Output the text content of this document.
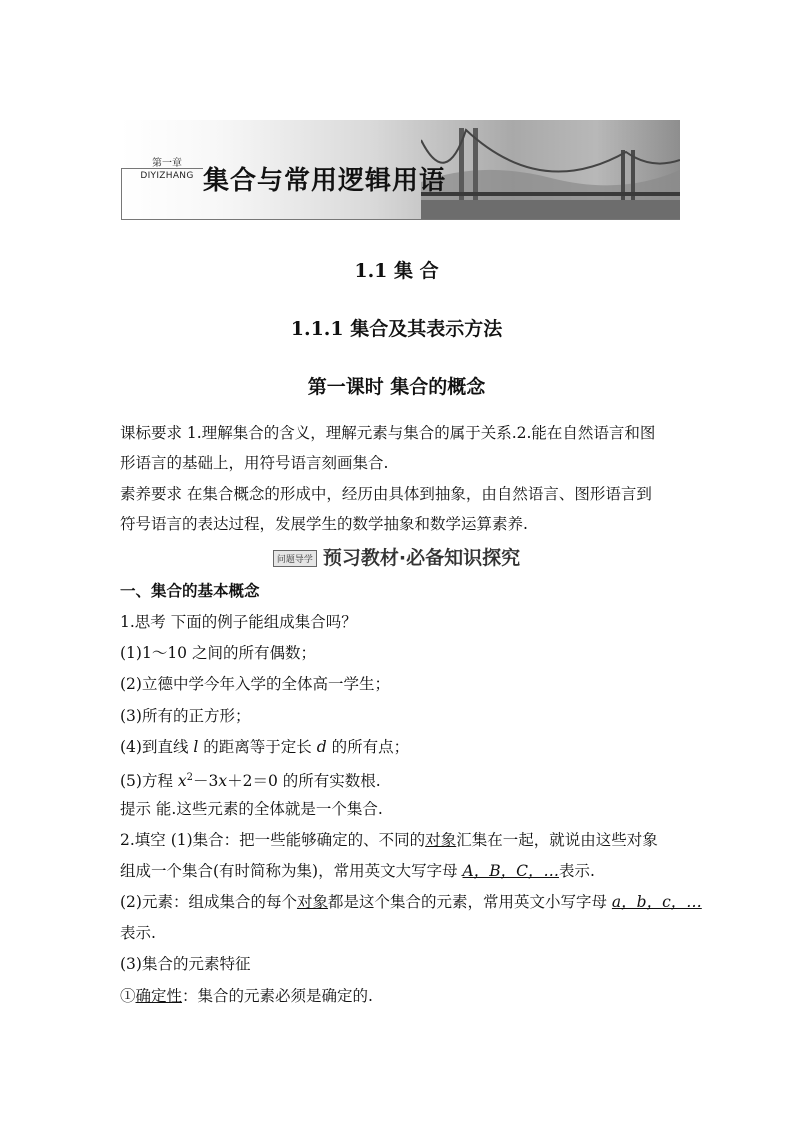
第一章
DIYIZHANG 集合与常用逻辑用语
1.1 集 合
1.1.1 集合及其表示方法
第一课时 集合的概念
课标要求 1.理解集合的含义，理解元素与集合的属于关系.2.能在自然语言和图
形语言的基础上，用符号语言刻画集合.
素养要求 在集合概念的形成中，经历由具体到抽象，由自然语言、图形语言到
符号语言的表达过程，发展学生的数学抽象和数学运算素养.
问题导学 预习教材·必备知识探究
一、集合的基本概念
1.思考 下面的例子能组成集合吗？
(1)1～10 之间的所有偶数；
(2)立德中学今年入学的全体高一学生；
(3)所有的正方形；
(4)到直线 l 的距离等于定长 d 的所有点；
(5)方程 $x^2-3x+2=0$ 的所有实数根.
提示 能.这些元素的全体就是一个集合.
2.填空 (1)集合：把一些能够确定的、不同的对象汇集在一起，就说由这些对象
组成一个集合(有时简称为集)，常用英文大写字母 A，B，C，…表示.
(2)元素：组成集合的每个对象都是这个集合的元素，常用英文小写字母 a，b，c，…
表示.
(3)集合的元素特征
①确定性：集合的元素必须是确定的.
